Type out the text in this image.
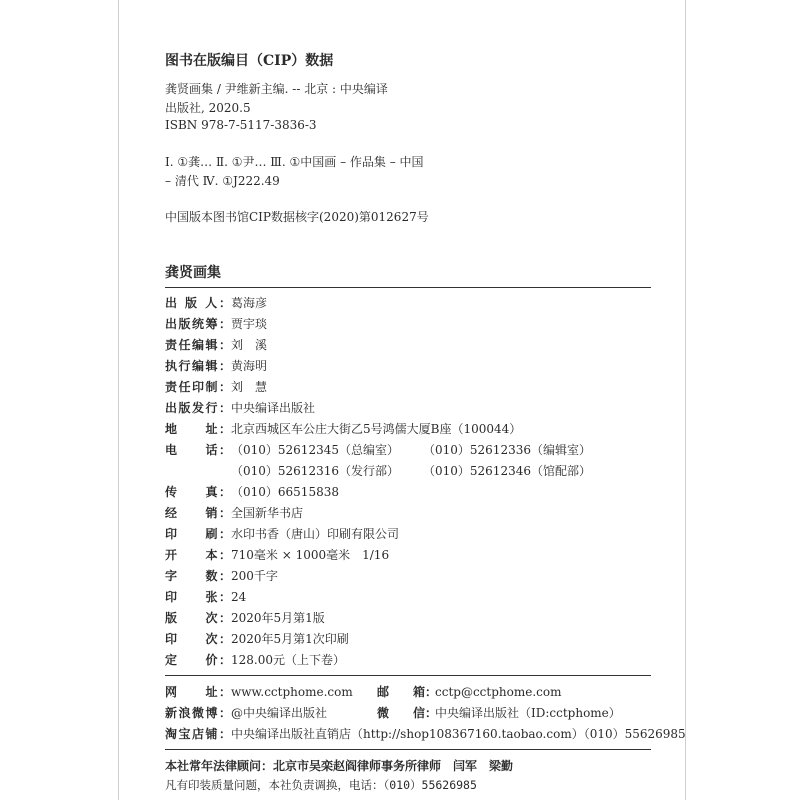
图书在版编目（CIP）数据
龚贤画集 / 尹维新主编. -- 北京 : 中央编译
出版社, 2020.5
ISBN 978-7-5117-3836-3
Ⅰ. ①龚… Ⅱ. ①尹… Ⅲ. ①中国画 – 作品集 – 中国
– 清代 Ⅳ. ①J222.49
中国版本图书馆CIP数据核字(2020)第012627号
龚贤画集
出 版 人：葛海彦
出版统筹：贾宇琰
责任编辑：刘　溪
执行编辑：黄海明
责任印制：刘　慧
出版发行：中央编译出版社
地　　址：北京西城区车公庄大街乙5号鸿儒大厦B座（100044）
电　　话：（010）52612345（总编室） （010）52612336（编辑室）
（010）52612316（发行部） （010）52612346（馆配部）
传　　真：（010）66515838
经　　销：全国新华书店
印　　刷：水印书香（唐山）印刷有限公司
开　　本：710毫米 × 1000毫米　1/16
字　　数：200千字
印　　张：24
版　　次：2020年5月第1版
印　　次：2020年5月第1次印刷
定　　价：128.00元（上下卷）
网　　址：www.cctphome.com 邮　　箱：cctp@cctphome.com
新浪微博：@中央编译出版社	微　　信：中央编译出版社（ID:cctphome）
淘宝店铺：中央编译出版社直销店（http://shop108367160.taobao.com）（010）55626985
本社常年法律顾问：北京市吴栾赵阎律师事务所律师　闫军　梁勤
凡有印装质量问题，本社负责调换，电话：（010）55626985
